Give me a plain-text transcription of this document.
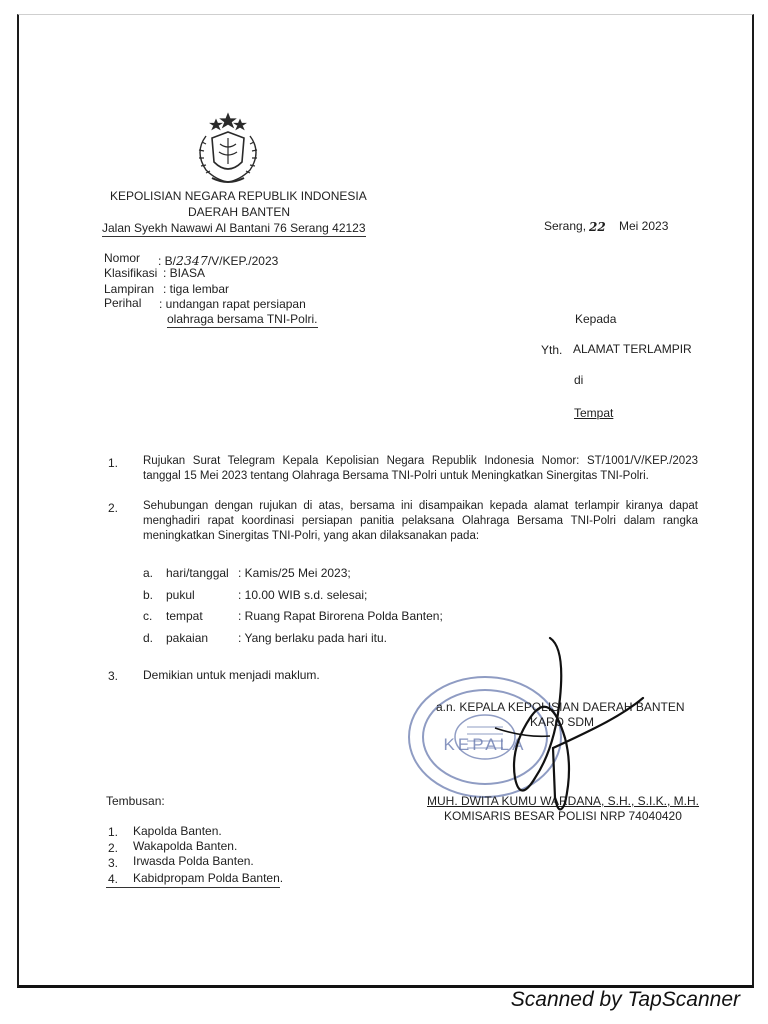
KEPOLISIAN NEGARA REPUBLIK INDONESIA
DAERAH BANTEN
Jalan Syekh Nawawi Al Bantani 76 Serang 42123	Serang, 22 Mei 2023
Nomor : B/2347/V/KEP./2023
Klasifikasi : BIASA
Lampiran : tiga lembar
Perihal : undangan rapat persiapan
olahraga bersama TNI-Polri.	Kepada
Yth. ALAMAT TERLAMPIR
di
Tempat
1. Rujukan Surat Telegram Kepala Kepolisian Negara Republik Indonesia Nomor: ST/1001/V/KEP./2023 tanggal 15 Mei 2023 tentang Olahraga Bersama TNI-Polri untuk Meningkatkan Sinergitas TNI-Polri.
2. Sehubungan dengan rujukan di atas, bersama ini disampaikan kepada alamat terlampir kiranya dapat menghadiri rapat koordinasi persiapan panitia pelaksana Olahraga Bersama TNI-Polri dalam rangka meningkatkan Sinergitas TNI-Polri, yang akan dilaksanakan pada:
a. hari/tanggal : Kamis/25 Mei 2023;
b. pukul	: 10.00 WIB s.d. selesai;
c. tempat	: Ruang Rapat Birorena Polda Banten;
d. pakaian : Yang berlaku pada hari itu.
3. Demikian untuk menjadi maklum.
KEPALA
a.n. KEPALA KEPOLISIAN DAERAH BANTEN
KARO SDM
MUH. DWITA KUMU WARDANA, S.H., S.I.K., M.H.
KOMISARIS BESAR POLISI NRP 74040420
Tembusan:
1. Kapolda Banten.
2. Wakapolda Banten.
3. Irwasda Polda Banten.
4. Kabidpropam Polda Banten.
Scanned by TapScanner
